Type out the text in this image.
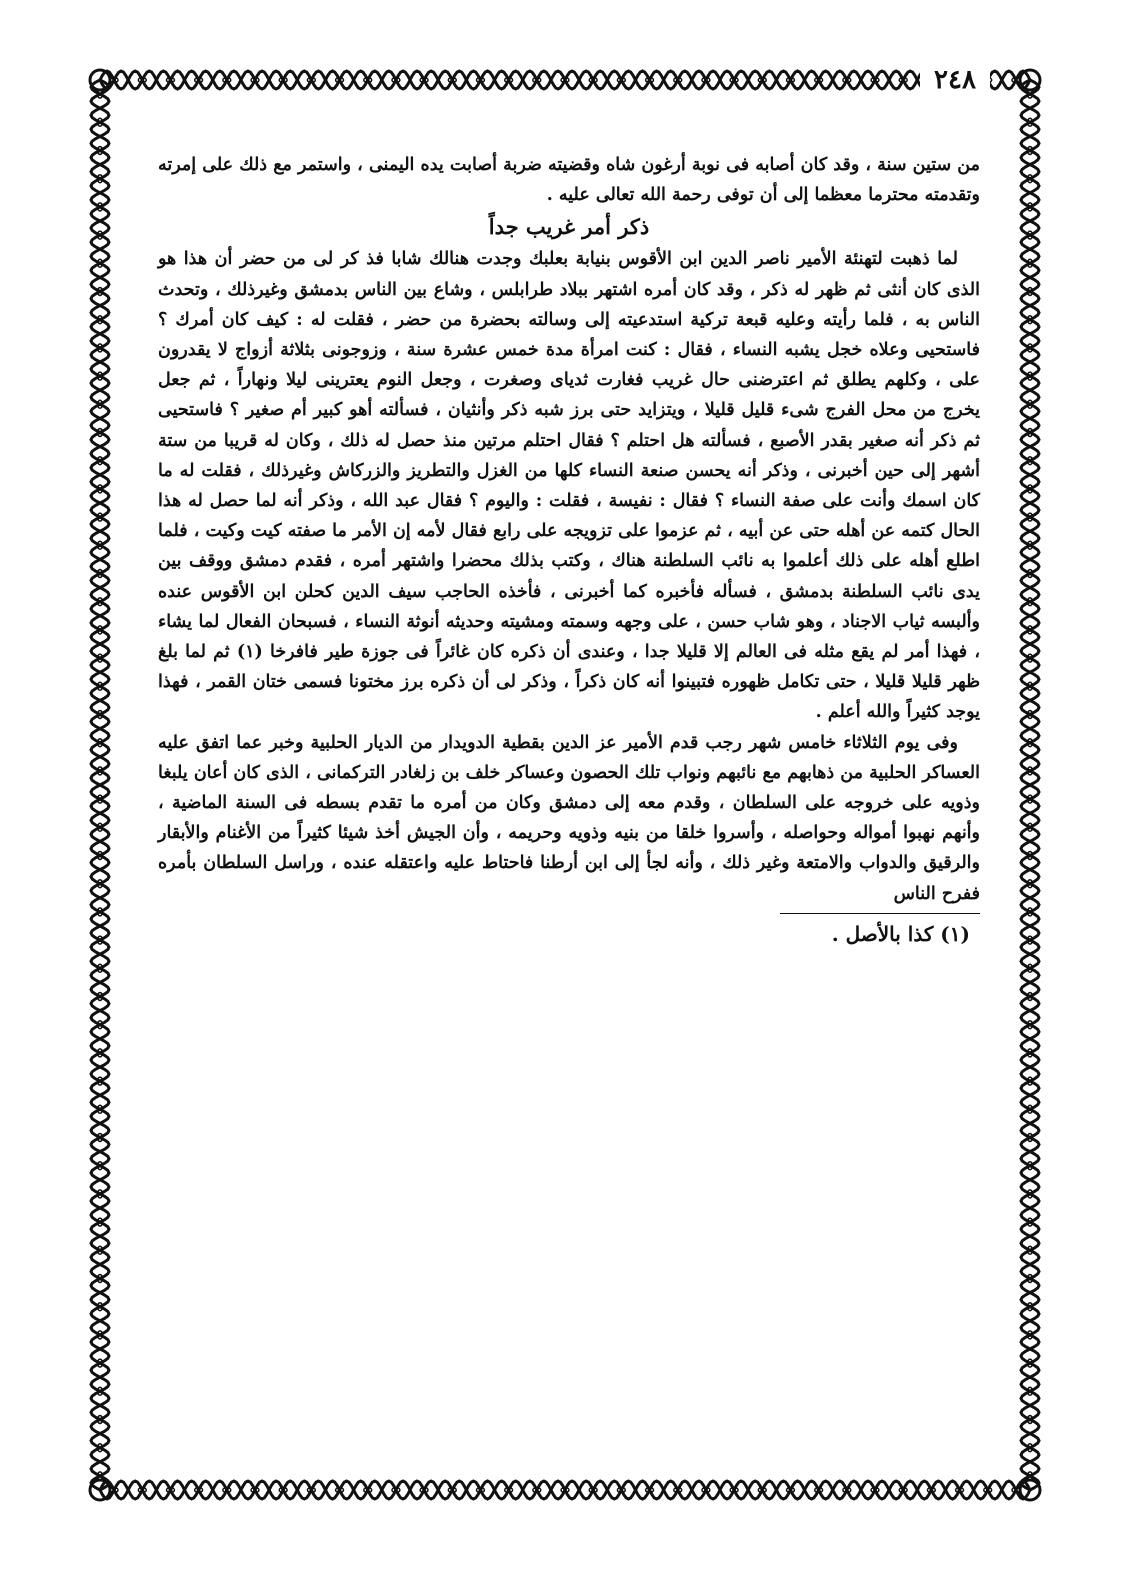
٢٤٨

من ستين سنة ، وقد كان أصابه فى نوبة أرغون شاه وقضيته ضربة أصابت يده اليمنى ، واستمر مع ذلك على إمرته وتقدمته محترما معظما إلى أن توفى رحمة الله تعالى عليه .

ذكر أمر غريب جداً

لما ذهبت لتهنئة الأمير ناصر الدين ابن الأقوس بنيابة بعلبك وجدت هنالك شابا فذ كر لى من حضر أن هذا هو الذى كان أنثى ثم ظهر له ذكر ، وقد كان أمره اشتهر ببلاد طرابلس ، وشاع بين الناس بدمشق وغيرذلك ، وتحدث الناس به ، فلما رأيته وعليه قبعة تركية استدعيته إلى وسالته بحضرة من حضر ، فقلت له : كيف كان أمرك ؟ فاستحيى وعلاه خجل يشبه النساء ، فقال : كنت امرأة مدة خمس عشرة سنة ، وزوجونى بثلاثة أزواج لا يقدرون على ، وكلهم يطلق ثم اعترضنى حال غريب فغارت ثدياى وصغرت ، وجعل النوم يعترينى ليلا ونهاراً ، ثم جعل يخرج من محل الفرج شىء قليل قليلا ، ويتزايد حتى برز شبه ذكر وأنثيان ، فسألته أهو كبير أم صغير ؟ فاستحيى ثم ذكر أنه صغير بقدر الأصبع ، فسألته هل احتلم ؟ فقال احتلم مرتين منذ حصل له ذلك ، وكان له قريبا من ستة أشهر إلى حين أخبرنى ، وذكر أنه يحسن صنعة النساء كلها من الغزل والتطريز والزركاش وغيرذلك ، فقلت له ما كان اسمك وأنت على صفة النساء ؟ فقال : نفيسة ، فقلت : واليوم ؟ فقال عبد الله ، وذكر أنه لما حصل له هذا الحال كتمه عن أهله حتى عن أبيه ، ثم عزموا على تزويجه على رابع فقال لأمه إن الأمر ما صفته كيت وكيت ، فلما اطلع أهله على ذلك أعلموا به نائب السلطنة هناك ، وكتب بذلك محضرا واشتهر أمره ، فقدم دمشق ووقف بين يدى نائب السلطنة بدمشق ، فسأله فأخبره كما أخبرنى ، فأخذه الحاجب سيف الدين كحلن ابن الأقوس عنده وألبسه ثياب الاجناد ، وهو شاب حسن ، على وجهه وسمته ومشيته وحديثه أنوثة النساء ، فسبحان الفعال لما يشاء ، فهذا أمر لم يقع مثله فى العالم إلا قليلا جدا ، وعندى أن ذكره كان غائراً فى جوزة طير فافرخا (١) ثم لما بلغ ظهر قليلا قليلا ، حتى تكامل ظهوره فتبينوا أنه كان ذكراً ، وذكر لى أن ذكره برز مختونا فسمى ختان القمر ، فهذا يوجد كثيراً والله أعلم .

وفى يوم الثلاثاء خامس شهر رجب قدم الأمير عز الدين بقطية الدويدار من الديار الحلبية وخبر عما اتفق عليه العساكر الحلبية من ذهابهم مع نائبهم ونواب تلك الحصون وعساكر خلف بن زلغادر التركمانى ، الذى كان أعان يلبغا وذويه على خروجه على السلطان ، وقدم معه إلى دمشق وكان من أمره ما تقدم بسطه فى السنة الماضية ، وأنهم نهبوا أمواله وحواصله ، وأسروا خلقا من بنيه وذويه وحريمه ، وأن الجيش أخذ شيئا كثيراً من الأغنام والأبقار والرقيق والدواب والامتعة وغير ذلك ، وأنه لجأ إلى ابن أرطنا فاحتاط عليه واعتقله عنده ، وراسل السلطان بأمره ففرح الناس

(١) كذا بالأصل .
